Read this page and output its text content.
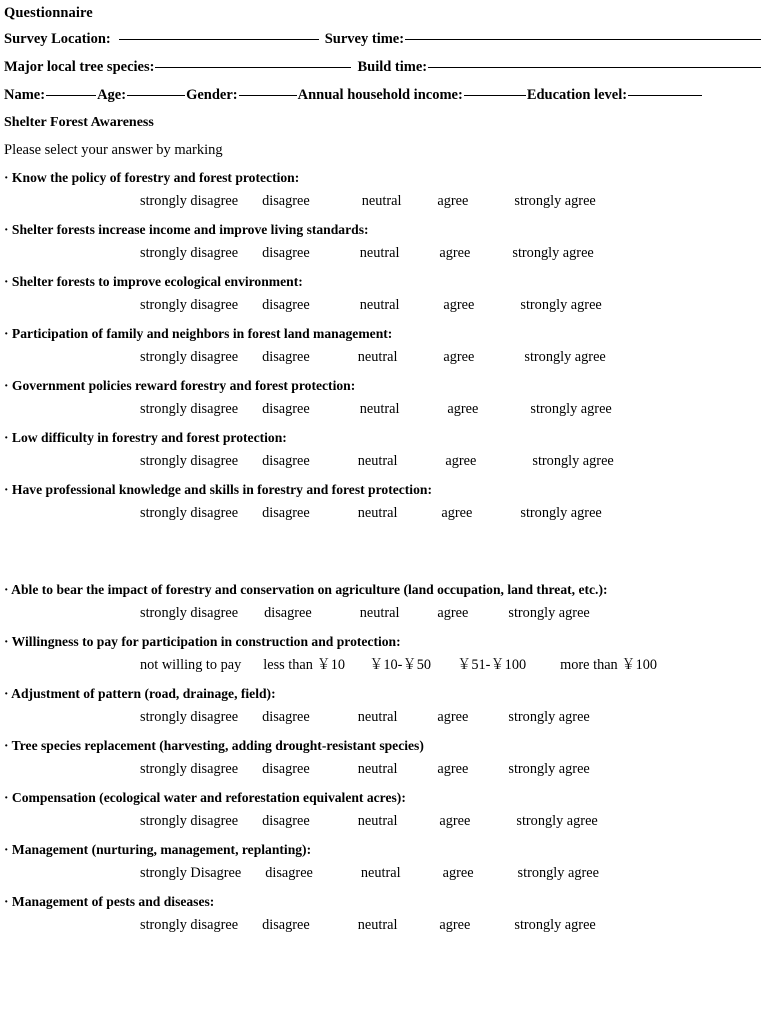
Questionnaire
Survey Location:	Survey time:
Major local tree species:	Build time:
Name:	Age:	Gender:	Annual household income:	Education level:
Shelter Forest Awareness
Please select your answer by marking
· Know the policy of forestry and forest protection:
strongly disagree disagree	neutral	agree	strongly agree
· Shelter forests increase income and improve living standards:
strongly disagree disagree	neutral	agree	strongly agree
· Shelter forests to improve ecological environment:
strongly disagree disagree	neutral	agree	strongly agree
· Participation of family and neighbors in forest land management:
strongly disagree disagree	neutral	agree	strongly agree
· Government policies reward forestry and forest protection:
strongly disagree disagree	neutral	agree	strongly agree
· Low difficulty in forestry and forest protection:
strongly disagree disagree	neutral	agree	strongly agree
· Have professional knowledge and skills in forestry and forest protection:
strongly disagree disagree	neutral	agree	strongly agree
· Able to bear the impact of forestry and conservation on agriculture (land occupation, land threat, etc.):
strongly disagree disagree	neutral	agree	strongly agree
· Willingness to pay for participation in construction and protection:
not willing to pay less than ￥10 ￥10-￥50 ￥51-￥100 more than ￥100
· Adjustment of pattern (road, drainage, field):
strongly disagree disagree	neutral	agree	strongly agree
· Tree species replacement (harvesting, adding drought-resistant species)
strongly disagree disagree	neutral	agree	strongly agree
· Compensation (ecological water and reforestation equivalent acres):
strongly disagree disagree	neutral	agree	strongly agree
· Management (nurturing, management, replanting):
strongly Disagree disagree	neutral	agree	strongly agree
· Management of pests and diseases:
strongly disagree disagree	neutral	agree	strongly agree
